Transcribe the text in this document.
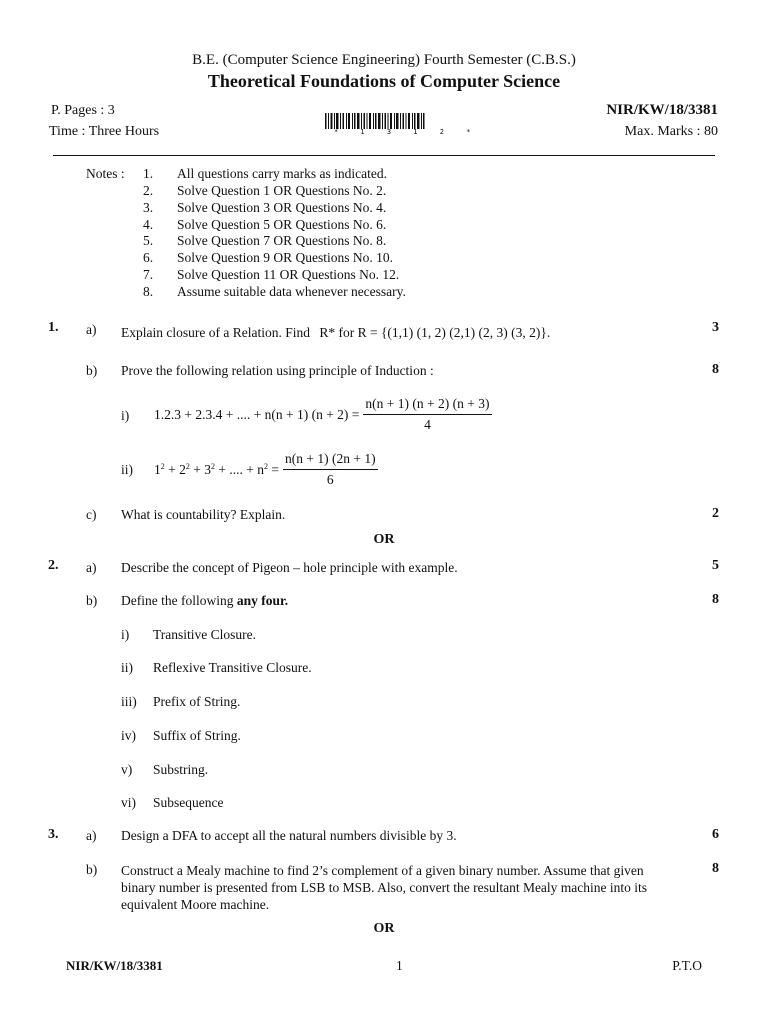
B.E. (Computer Science Engineering) Fourth Semester (C.B.S.)
Theoretical Foundations of Computer Science
P. Pages : 3
Time : Three Hours
NIR/KW/18/3381
Max. Marks : 80
* 1 3 1 2 *
Notes : 1. All questions carry marks as indicated.
2. Solve Question 1 OR Questions No. 2.
3. Solve Question 3 OR Questions No. 4.
4. Solve Question 5 OR Questions No. 6.
5. Solve Question 7 OR Questions No. 8.
6. Solve Question 9 OR Questions No. 10.
7. Solve Question 11 OR Questions No. 12.
8. Assume suitable data whenever necessary.
1. a) Explain closure of a Relation. Find R* for R = {(1,1) (1, 2) (2,1) (2, 3) (3, 2)}.	3
b) Prove the following relation using principle of Induction :	8
i) 1.2.3 + 2.3.4 + .... + n(n + 1) $(n + 2) = \frac{n(n + 1) (n + 2) (n + 3)}{4}$
ii) $1^2 + 2^2 + 3^2$ + .... + $n^2 = \frac{n(n + 1) (2n + 1)}{6}$
c) What is countability? Explain.	2
OR
2. a) Describe the concept of Pigeon – hole principle with example.	5
b) Define the following any four.	8
i) Transitive Closure.
ii) Reflexive Transitive Closure.
iii) Prefix of String.
iv) Suffix of String.
v) Substring.
vi) Subsequence
3. a) Design a DFA to accept all the natural numbers divisible by 3.	6
b) Construct a Mealy machine to find 2’s complement of a given binary number. Assume that given binary number is presented from LSB to MSB. Also, convert the resultant Mealy machine into its equivalent Moore machine.
8
OR
NIR/KW/18/3381	1	P.T.O
